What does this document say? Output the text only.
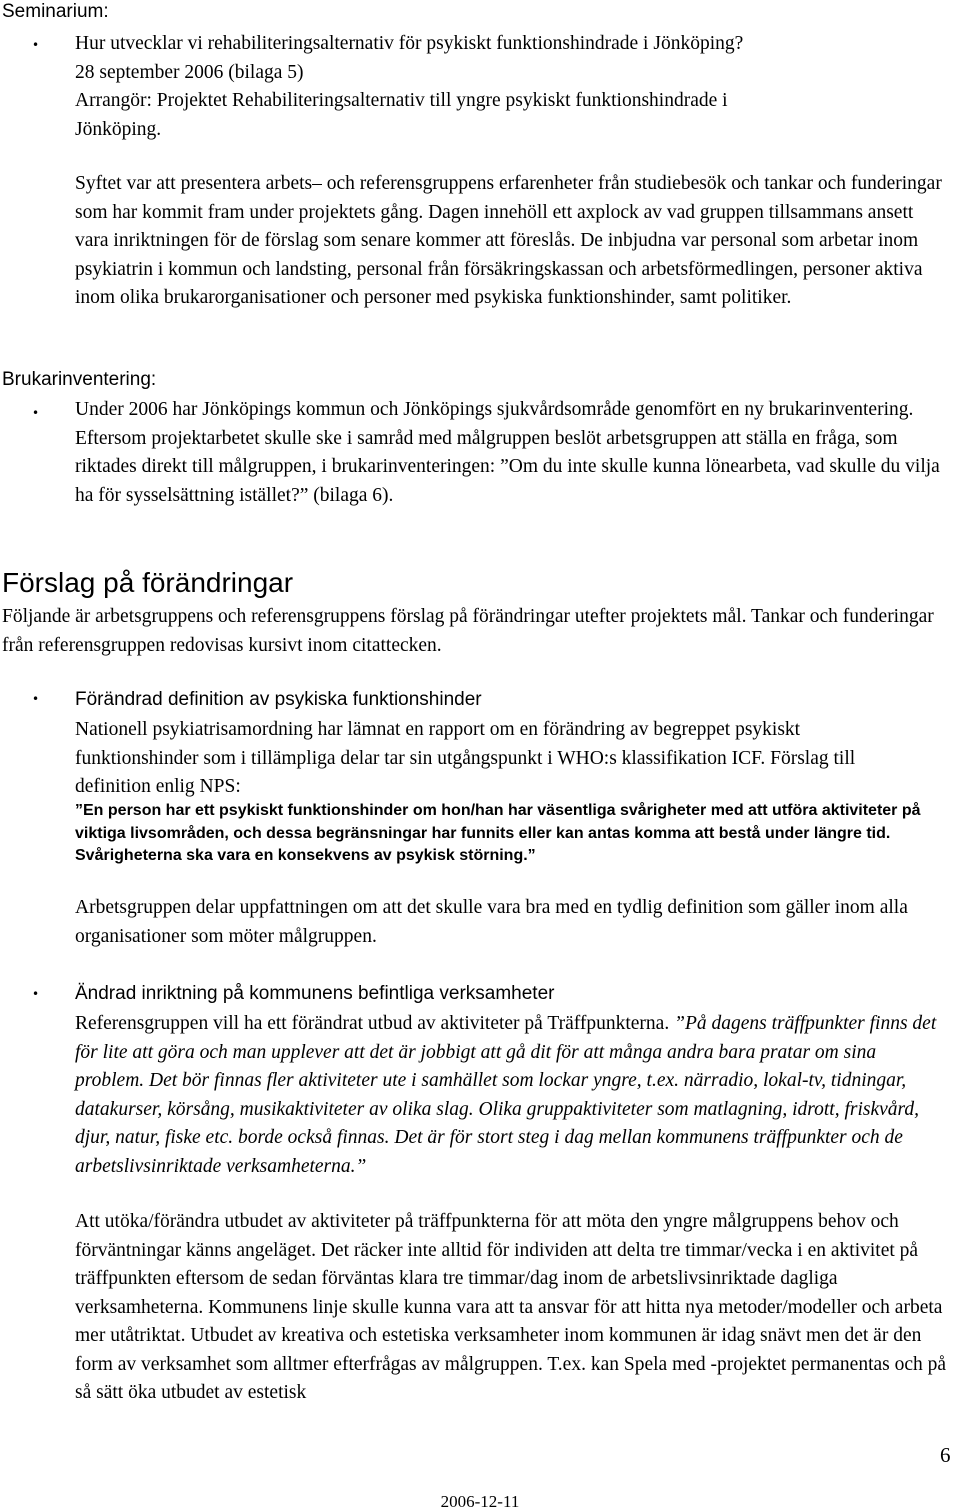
Seminarium:
• Hur utvecklar vi rehabiliteringsalternativ för psykiskt funktionshindrade i Jönköping?
28 september 2006 (bilaga 5)
Arrangör: Projektet Rehabiliteringsalternativ till yngre psykiskt funktionshindrade i
Jönköping.

Syftet var att presentera arbets– och referensgruppens erfarenheter från studiebesök och tankar och funderingar som har kommit fram under projektets gång. Dagen innehöll ett axplock av vad gruppen tillsammans ansett vara inriktningen för de förslag som senare kommer att föreslås. De inbjudna var personal som arbetar inom psykiatrin i kommun och landsting, personal från försäkringskassan och arbetsförmedlingen, personer aktiva inom olika brukarorganisationer och personer med psykiska funktionshinder, samt politiker.

Brukarinventering:
• Under 2006 har Jönköpings kommun och Jönköpings sjukvårdsområde genomfört en ny brukarinventering. Eftersom projektarbetet skulle ske i samråd med målgruppen beslöt arbetsgruppen att ställa en fråga, som riktades direkt till målgruppen, i brukarinventeringen: ”Om du inte skulle kunna lönearbeta, vad skulle du vilja ha för sysselsättning istället?” (bilaga 6).

Förslag på förändringar

Följande är arbetsgruppens och referensgruppens förslag på förändringar utefter projektets mål. Tankar och funderingar från referensgruppen redovisas kursivt inom citattecken.

• Förändrad definition av psykiska funktionshinder

Nationell psykiatrisamordning har lämnat en rapport om en förändring av begreppet psykiskt funktionshinder som i tillämpliga delar tar sin utgångspunkt i WHO:s klassifikation ICF. Förslag till definition enlig NPS:

”En person har ett psykiskt funktionshinder om hon/han har väsentliga svårigheter med att utföra aktiviteter på viktiga livsområden, och dessa begränsningar har funnits eller kan antas komma att bestå under längre tid. Svårigheterna ska vara en konsekvens av psykisk störning.”

Arbetsgruppen delar uppfattningen om att det skulle vara bra med en tydlig definition som gäller inom alla organisationer som möter målgruppen.

• Ändrad inriktning på kommunens befintliga verksamheter

Referensgruppen vill ha ett förändrat utbud av aktiviteter på Träffpunkterna. ”På dagens träffpunkter finns det för lite att göra och man upplever att det är jobbigt att gå dit för att många andra bara pratar om sina problem. Det bör finnas fler aktiviteter ute i samhället som lockar yngre, t.ex. närradio, lokal-tv, tidningar, datakurser, körsång, musikaktiviteter av olika slag. Olika gruppaktiviteter som matlagning, idrott, friskvård, djur, natur, fiske etc. borde också finnas. Det är för stort steg i dag mellan kommunens träffpunkter och de arbetslivsinriktade verksamheterna.”

Att utöka/förändra utbudet av aktiviteter på träffpunkterna för att möta den yngre målgruppens behov och förväntningar känns angeläget. Det räcker inte alltid för individen att delta tre timmar/vecka i en aktivitet på träffpunkten eftersom de sedan förväntas klara tre timmar/dag inom de arbetslivsinriktade dagliga verksamheterna. Kommunens linje skulle kunna vara att ta ansvar för att hitta nya metoder/modeller och arbeta mer utåtriktat. Utbudet av kreativa och estetiska verksamheter inom kommunen är idag snävt men det är den form av verksamhet som alltmer efterfrågas av målgruppen. T.ex. kan Spela med -projektet permanentas och på så sätt öka utbudet av estetisk

6
2006-12-11
